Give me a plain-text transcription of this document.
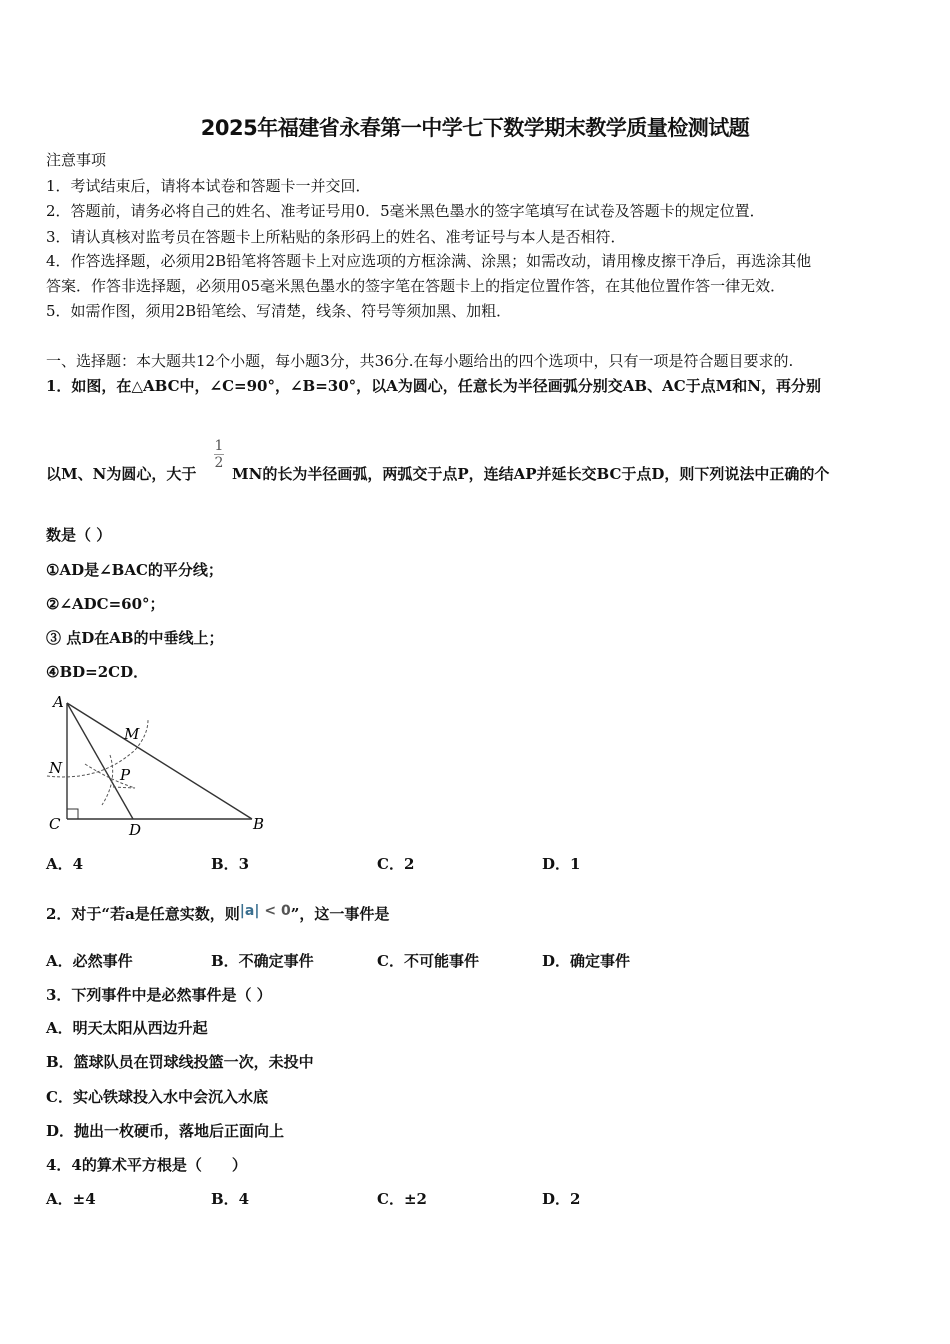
2025年福建省永春第一中学七下数学期末教学质量检测试题
注意事项
1．考试结束后，请将本试卷和答题卡一并交回．
2．答题前，请务必将自己的姓名、准考证号用0．5毫米黑色墨水的签字笔填写在试卷及答题卡的规定位置．
3．请认真核对监考员在答题卡上所粘贴的条形码上的姓名、准考证号与本人是否相符．
4．作答选择题，必须用2B铅笔将答题卡上对应选项的方框涂满、涂黑；如需改动，请用橡皮擦干净后，再选涂其他
答案．作答非选择题，必须用05毫米黑色墨水的签字笔在答题卡上的指定位置作答，在其他位置作答一律无效．
5．如需作图，须用2B铅笔绘、写清楚，线条、符号等须加黑、加粗．
一、选择题：本大题共12个小题，每小题3分，共36分.在每小题给出的四个选项中，只有一项是符合题目要求的.
1．如图，在△ABC中，∠C=90°，∠B=30°，以A为圆心，任意长为半径画弧分别交AB、AC于点M和N，再分别
以M、N为圆心，大于
$\frac{1}{2}$
MN的长为半径画弧，两弧交于点P，连结AP并延长交BC于点D，则下列说法中正确的个
数是（ ）
①AD是∠BAC的平分线；
②∠ADC=60°；
③ 点D在AB的中垂线上；
④BD=2CD．
A
M
N	P
C	D	B
A．4	B．3	C．2	D．1
2．对于“若a是任意实数，则|a| < 0”，这一事件是
A．必然事件	B．不确定事件	C．不可能事件	D．确定事件
3．下列事件中是必然事件是（ ）
A．明天太阳从西边升起
B．篮球队员在罚球线投篮一次，未投中
C．实心铁球投入水中会沉入水底
D．抛出一枚硬币，落地后正面向上
4．4的算术平方根是（　　）
A．±4	B．4	C．±2	D．2
